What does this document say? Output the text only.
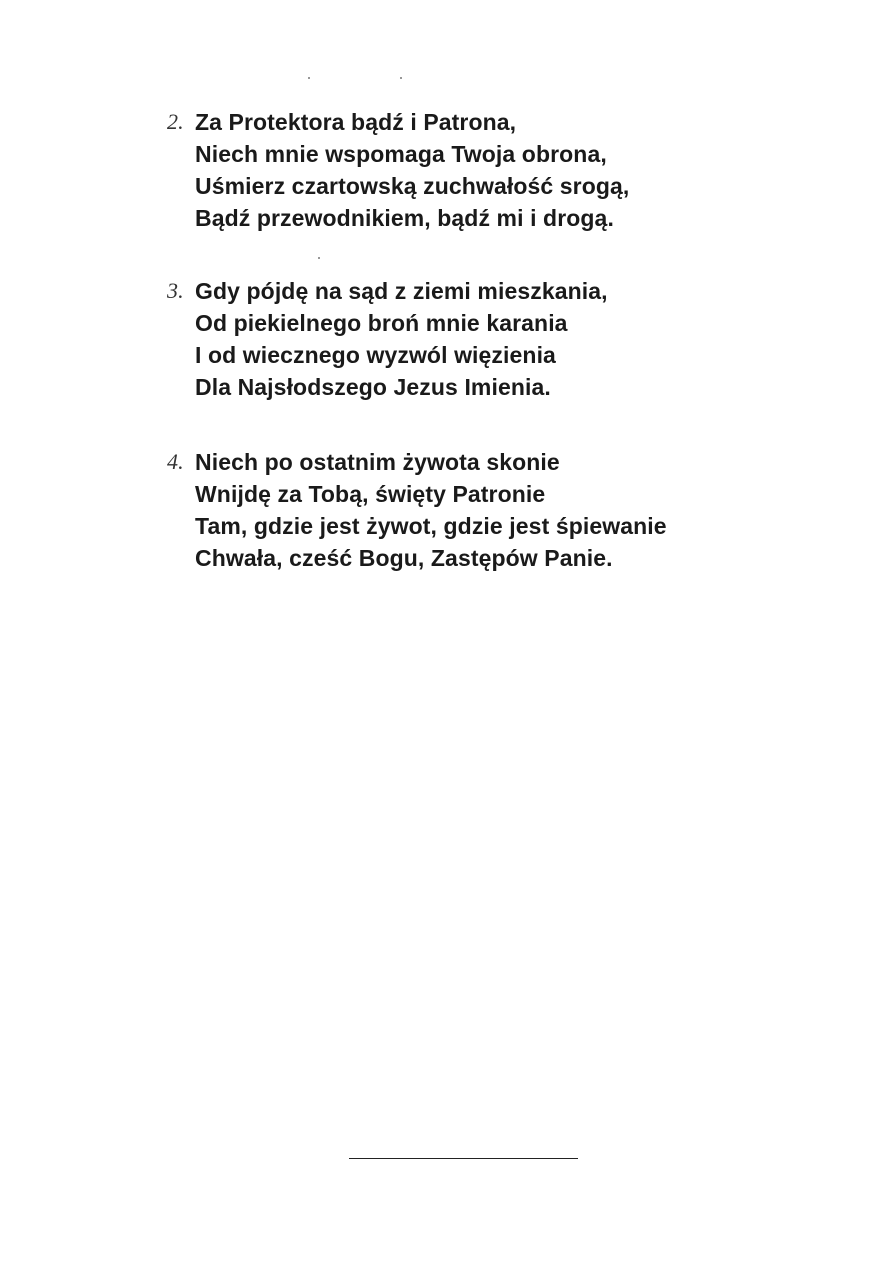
2. Za Protektora bądź i Patrona,
Niech mnie wspomaga Twoja obrona,
Uśmierz czartowską zuchwałość srogą,
Bądź przewodnikiem, bądź mi i drogą.
3. Gdy pójdę na sąd z ziemi mieszkania,
Od piekielnego broń mnie karania
I od wiecznego wyzwól więzienia
Dla Najsłodszego Jezus Imienia.
4. Niech po ostatnim żywota skonie
Wnijdę za Tobą, święty Patronie
Tam, gdzie jest żywot, gdzie jest śpiewanie
Chwała, cześć Bogu, Zastępów Panie.
